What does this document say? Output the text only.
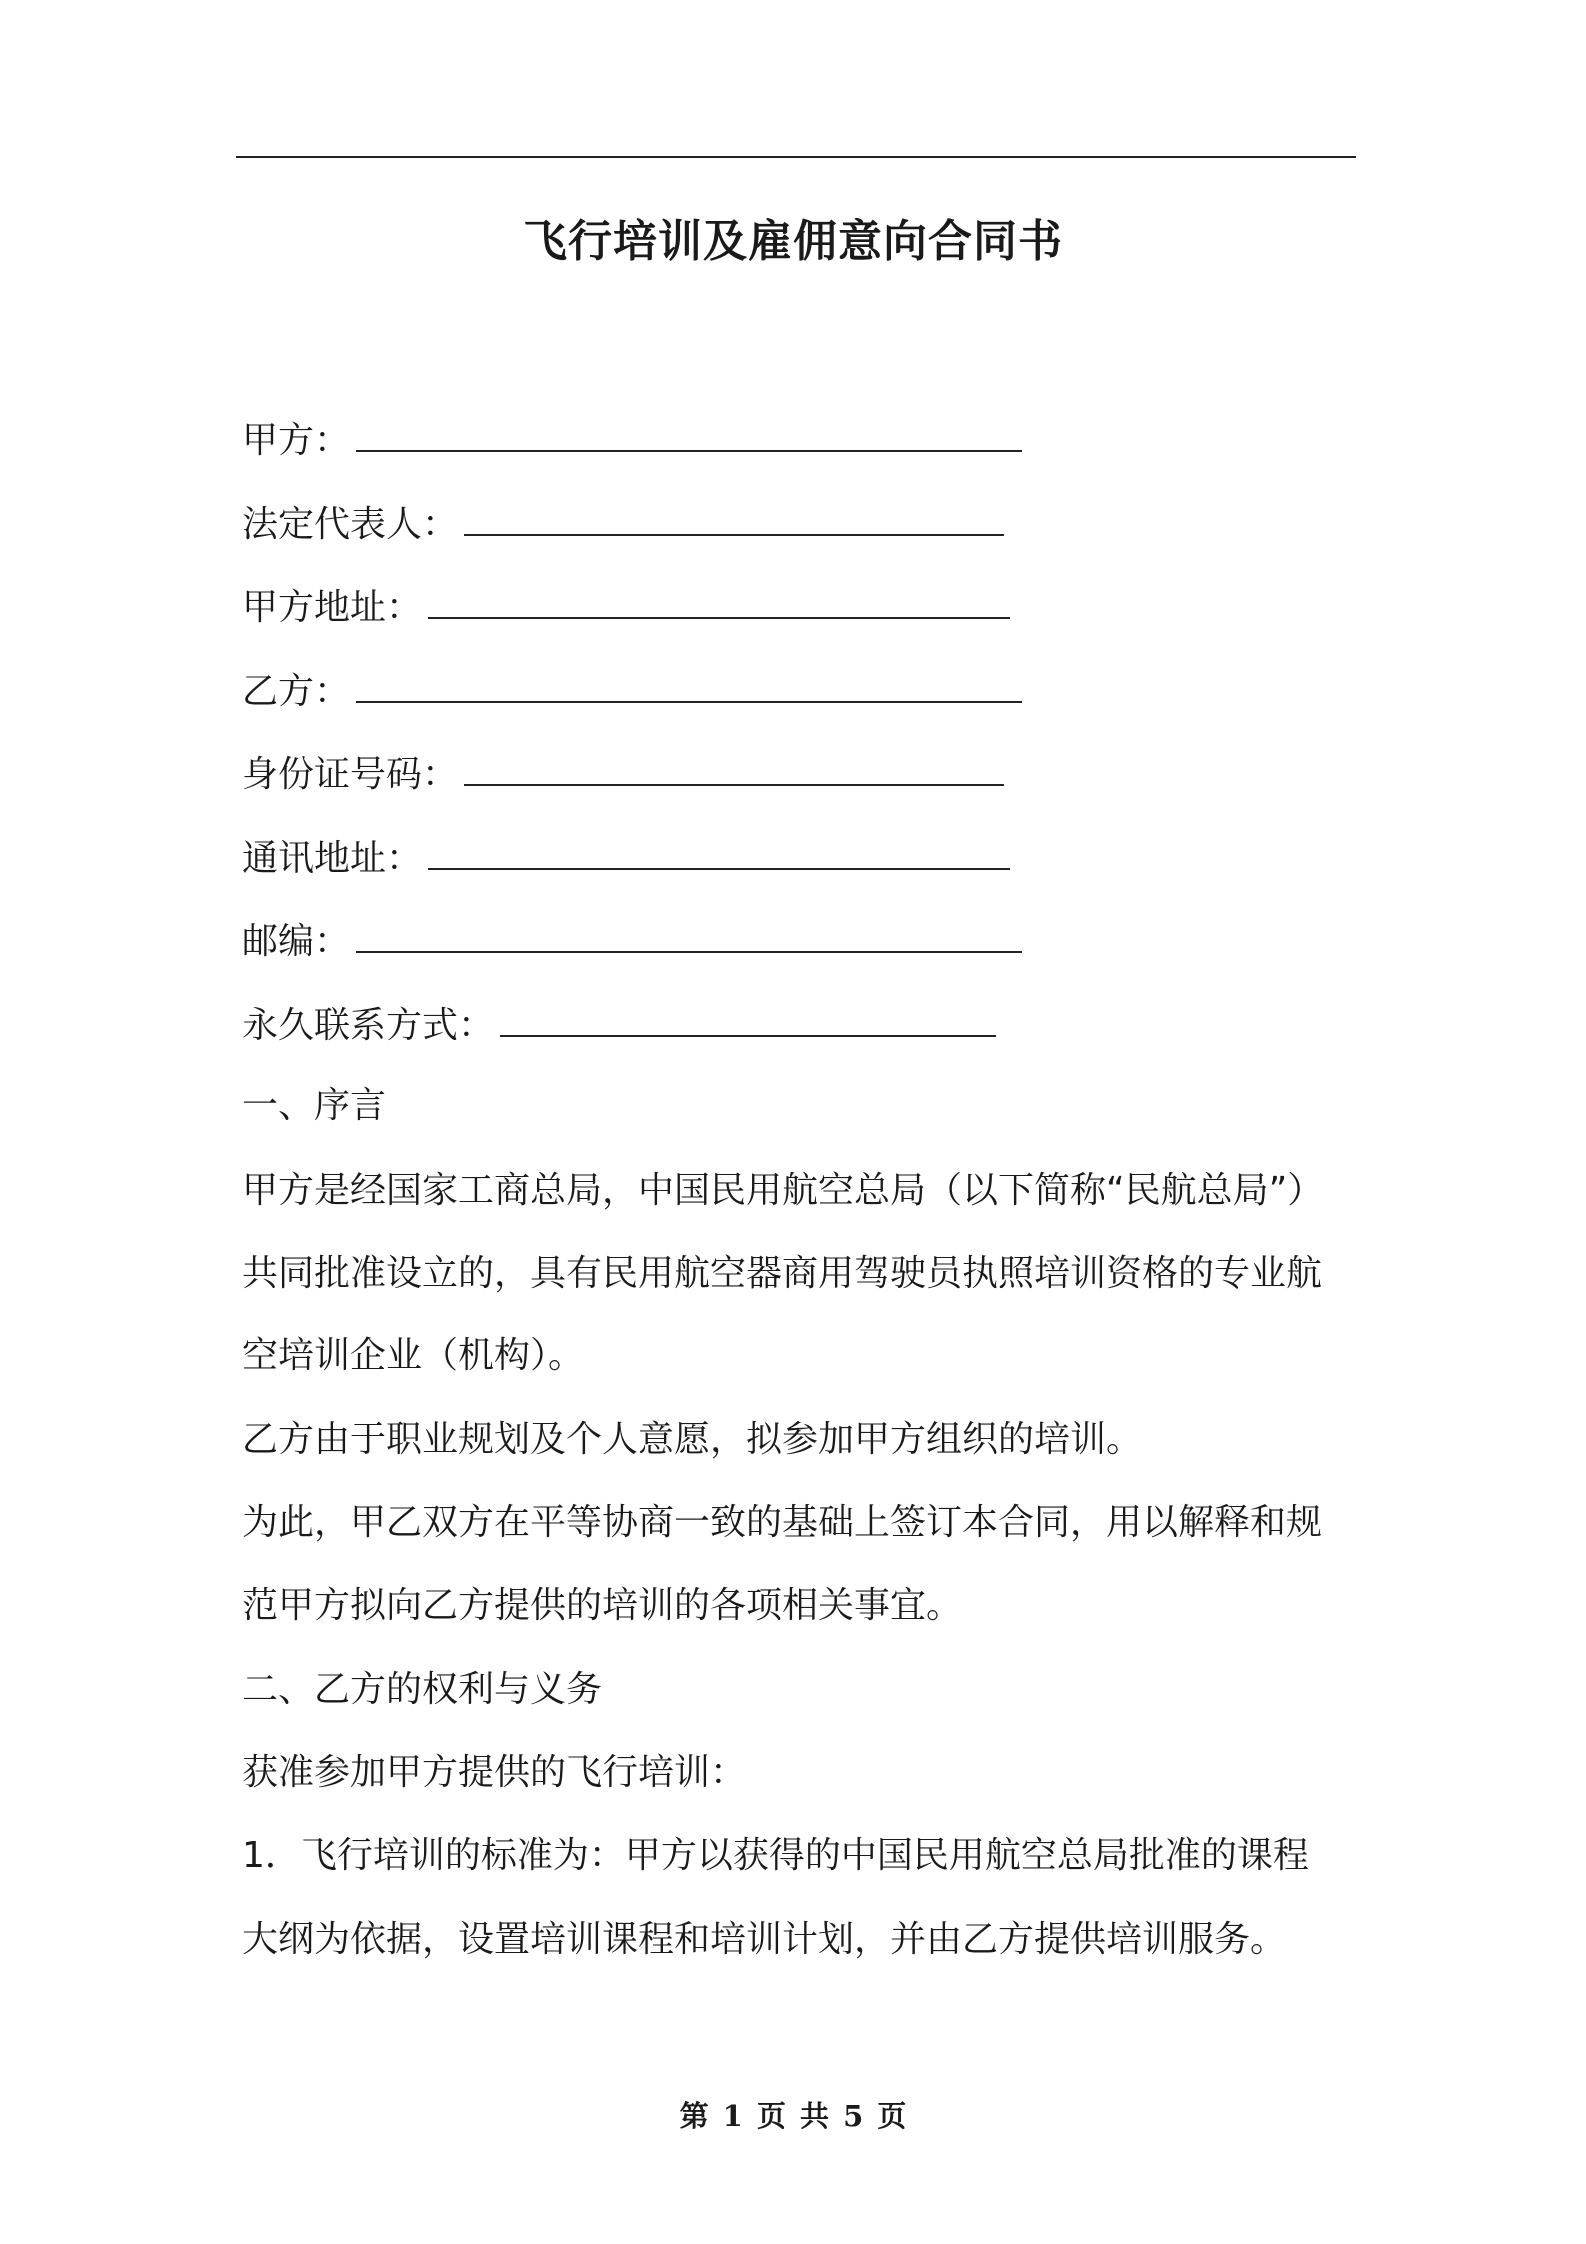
飞行培训及雇佣意向合同书
甲方：
法定代表人：
甲方地址：
乙方：
身份证号码：
通讯地址：
邮编：
永久联系方式：
一、序言
甲方是经国家工商总局，中国民用航空总局（以下简称“民航总局”）
共同批准设立的，具有民用航空器商用驾驶员执照培训资格的专业航
空培训企业（机构）。
乙方由于职业规划及个人意愿，拟参加甲方组织的培训。
为此，甲乙双方在平等协商一致的基础上签订本合同，用以解释和规
范甲方拟向乙方提供的培训的各项相关事宜。
二、乙方的权利与义务
获准参加甲方提供的飞行培训：
1．飞行培训的标准为：甲方以获得的中国民用航空总局批准的课程
大纲为依据，设置培训课程和培训计划，并由乙方提供培训服务。
第 1 页 共 5 页
